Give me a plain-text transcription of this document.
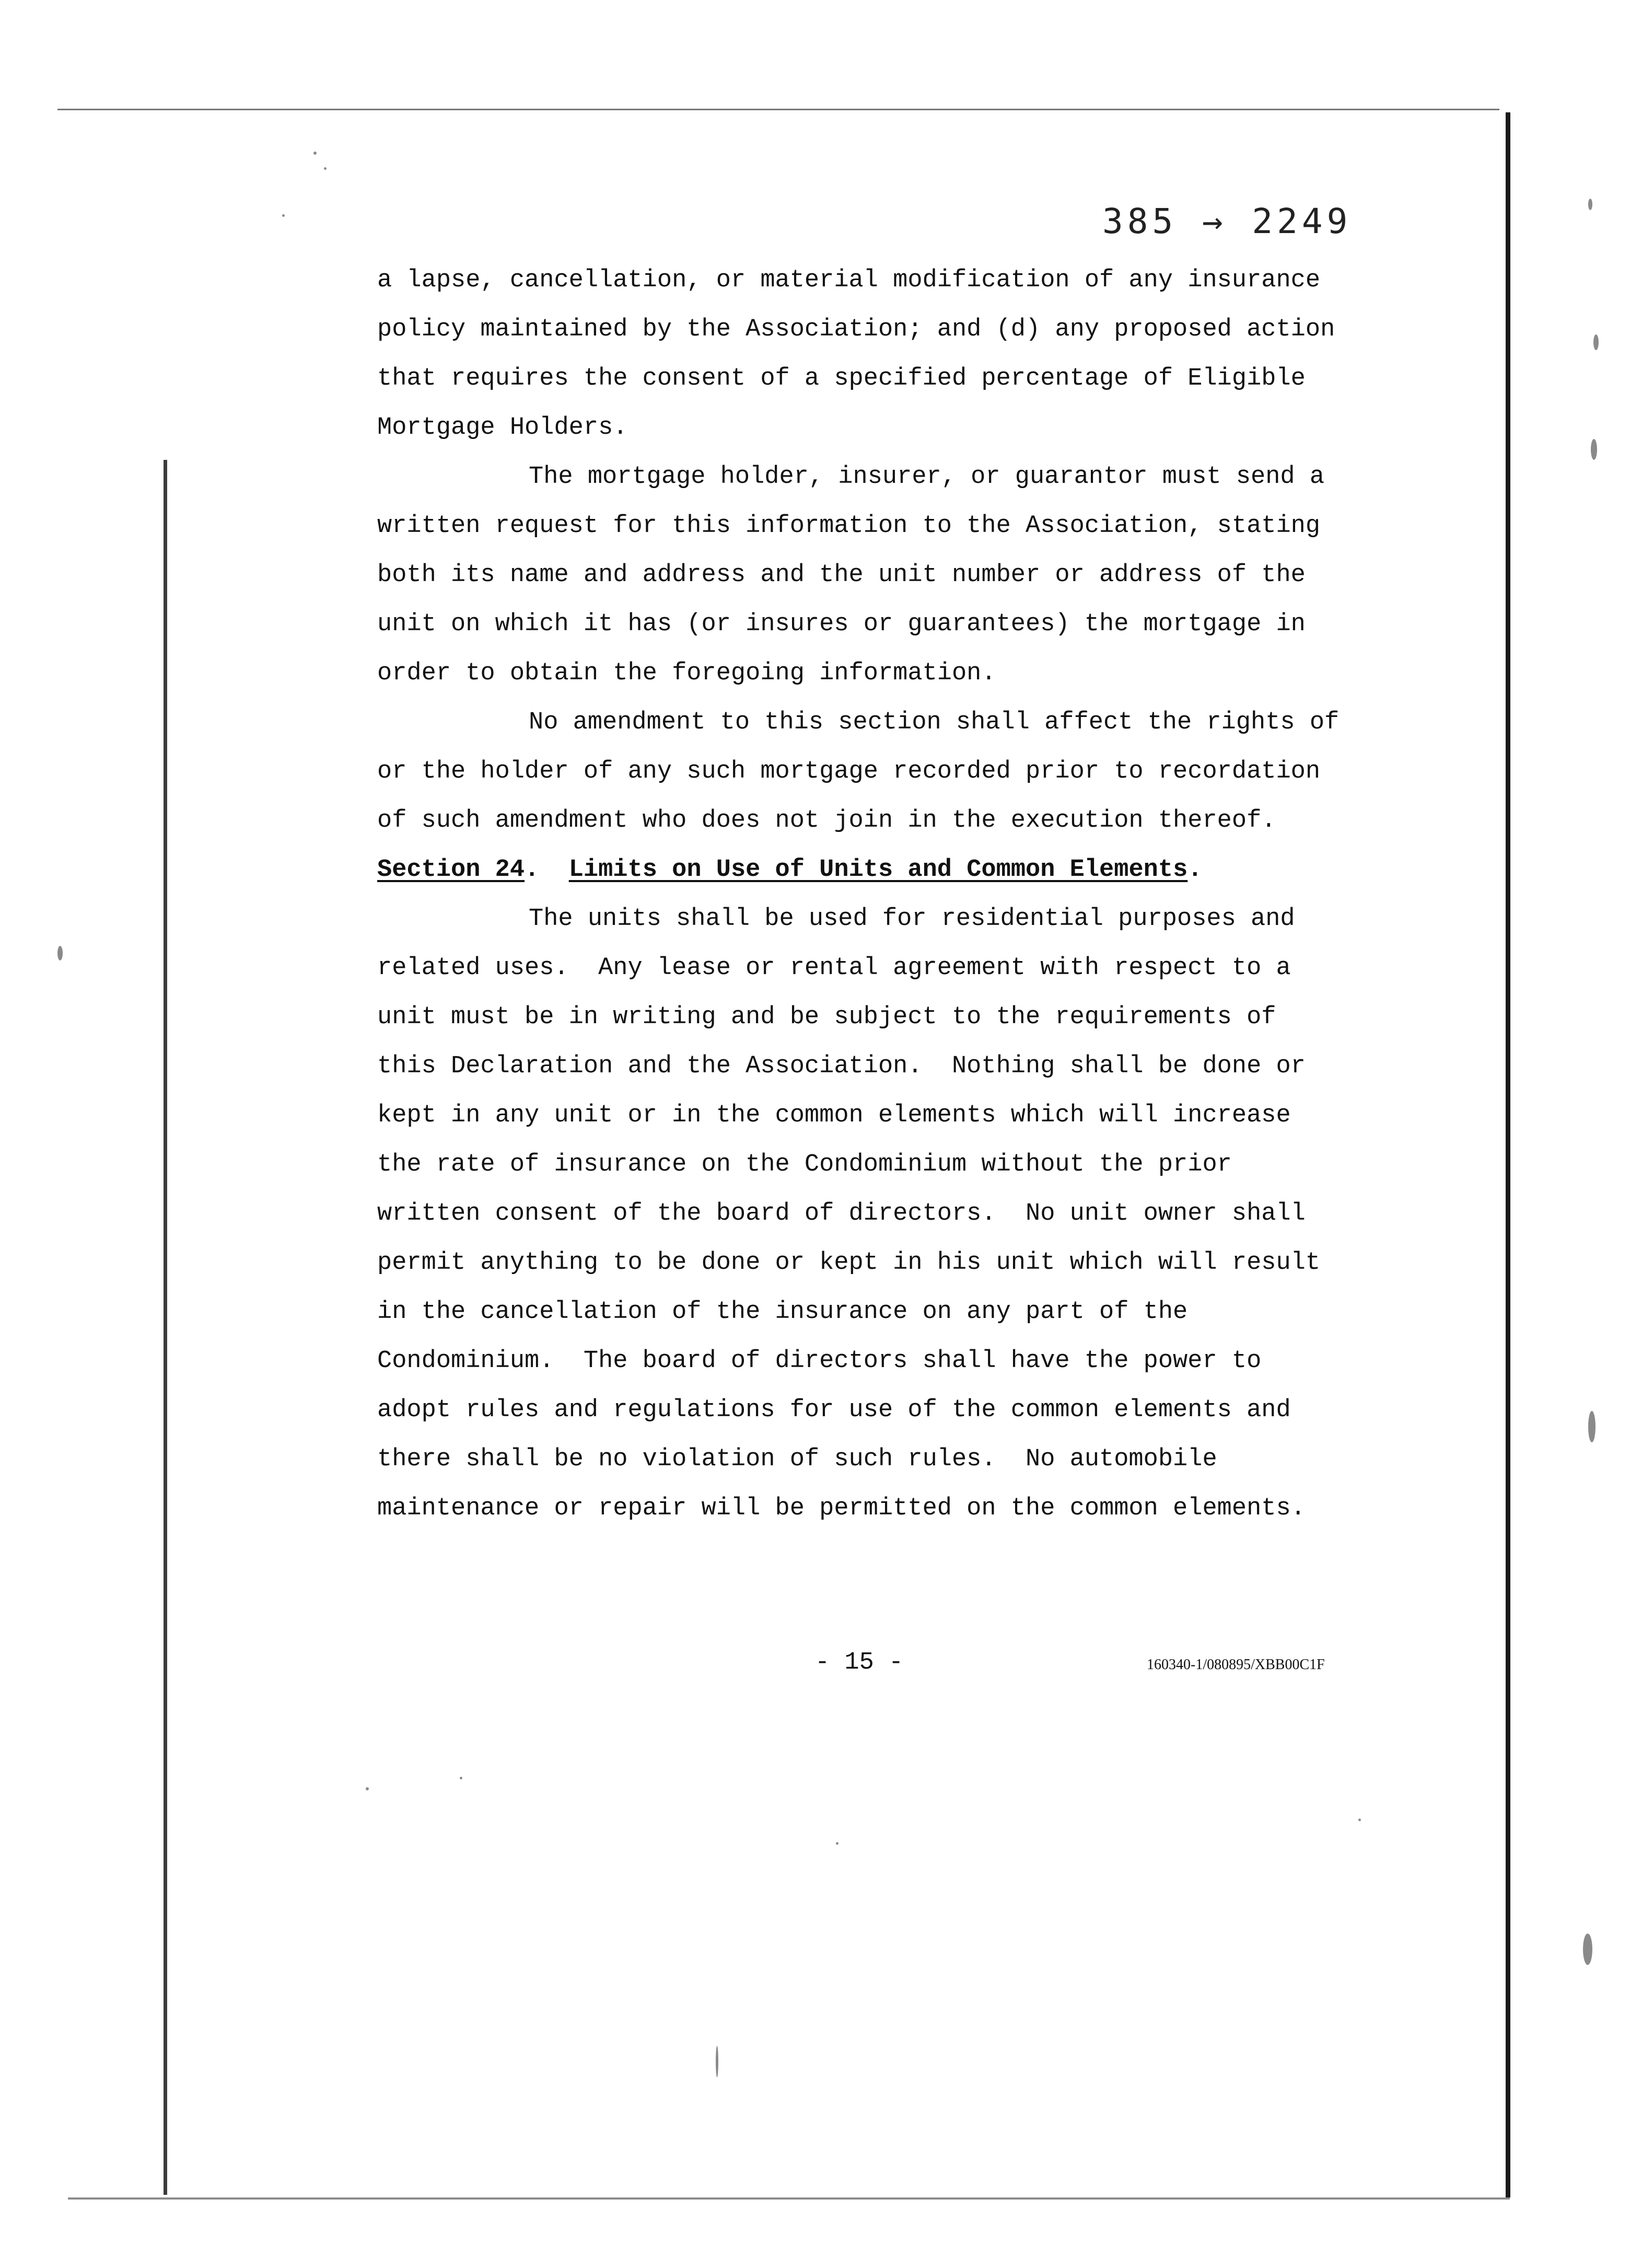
385 → 2249
a lapse, cancellation, or material modification of any insurance
policy maintained by the Association; and (d) any proposed action
that requires the consent of a specified percentage of Eligible
Mortgage Holders.
The mortgage holder, insurer, or guarantor must send a
written request for this information to the Association, stating
both its name and address and the unit number or address of the
unit on which it has (or insures or guarantees) the mortgage in
order to obtain the foregoing information.
No amendment to this section shall affect the rights of
or the holder of any such mortgage recorded prior to recordation
of such amendment who does not join in the execution thereof.
Section 24. Limits on Use of Units and Common Elements.
The units shall be used for residential purposes and
related uses.  Any lease or rental agreement with respect to a
unit must be in writing and be subject to the requirements of
this Declaration and the Association.  Nothing shall be done or
kept in any unit or in the common elements which will increase
the rate of insurance on the Condominium without the prior
written consent of the board of directors.  No unit owner shall
permit anything to be done or kept in his unit which will result
in the cancellation of the insurance on any part of the
Condominium.  The board of directors shall have the power to
adopt rules and regulations for use of the common elements and
there shall be no violation of such rules.  No automobile
maintenance or repair will be permitted on the common elements.
- 15 -	160340-1/080895/XBB00C1F
